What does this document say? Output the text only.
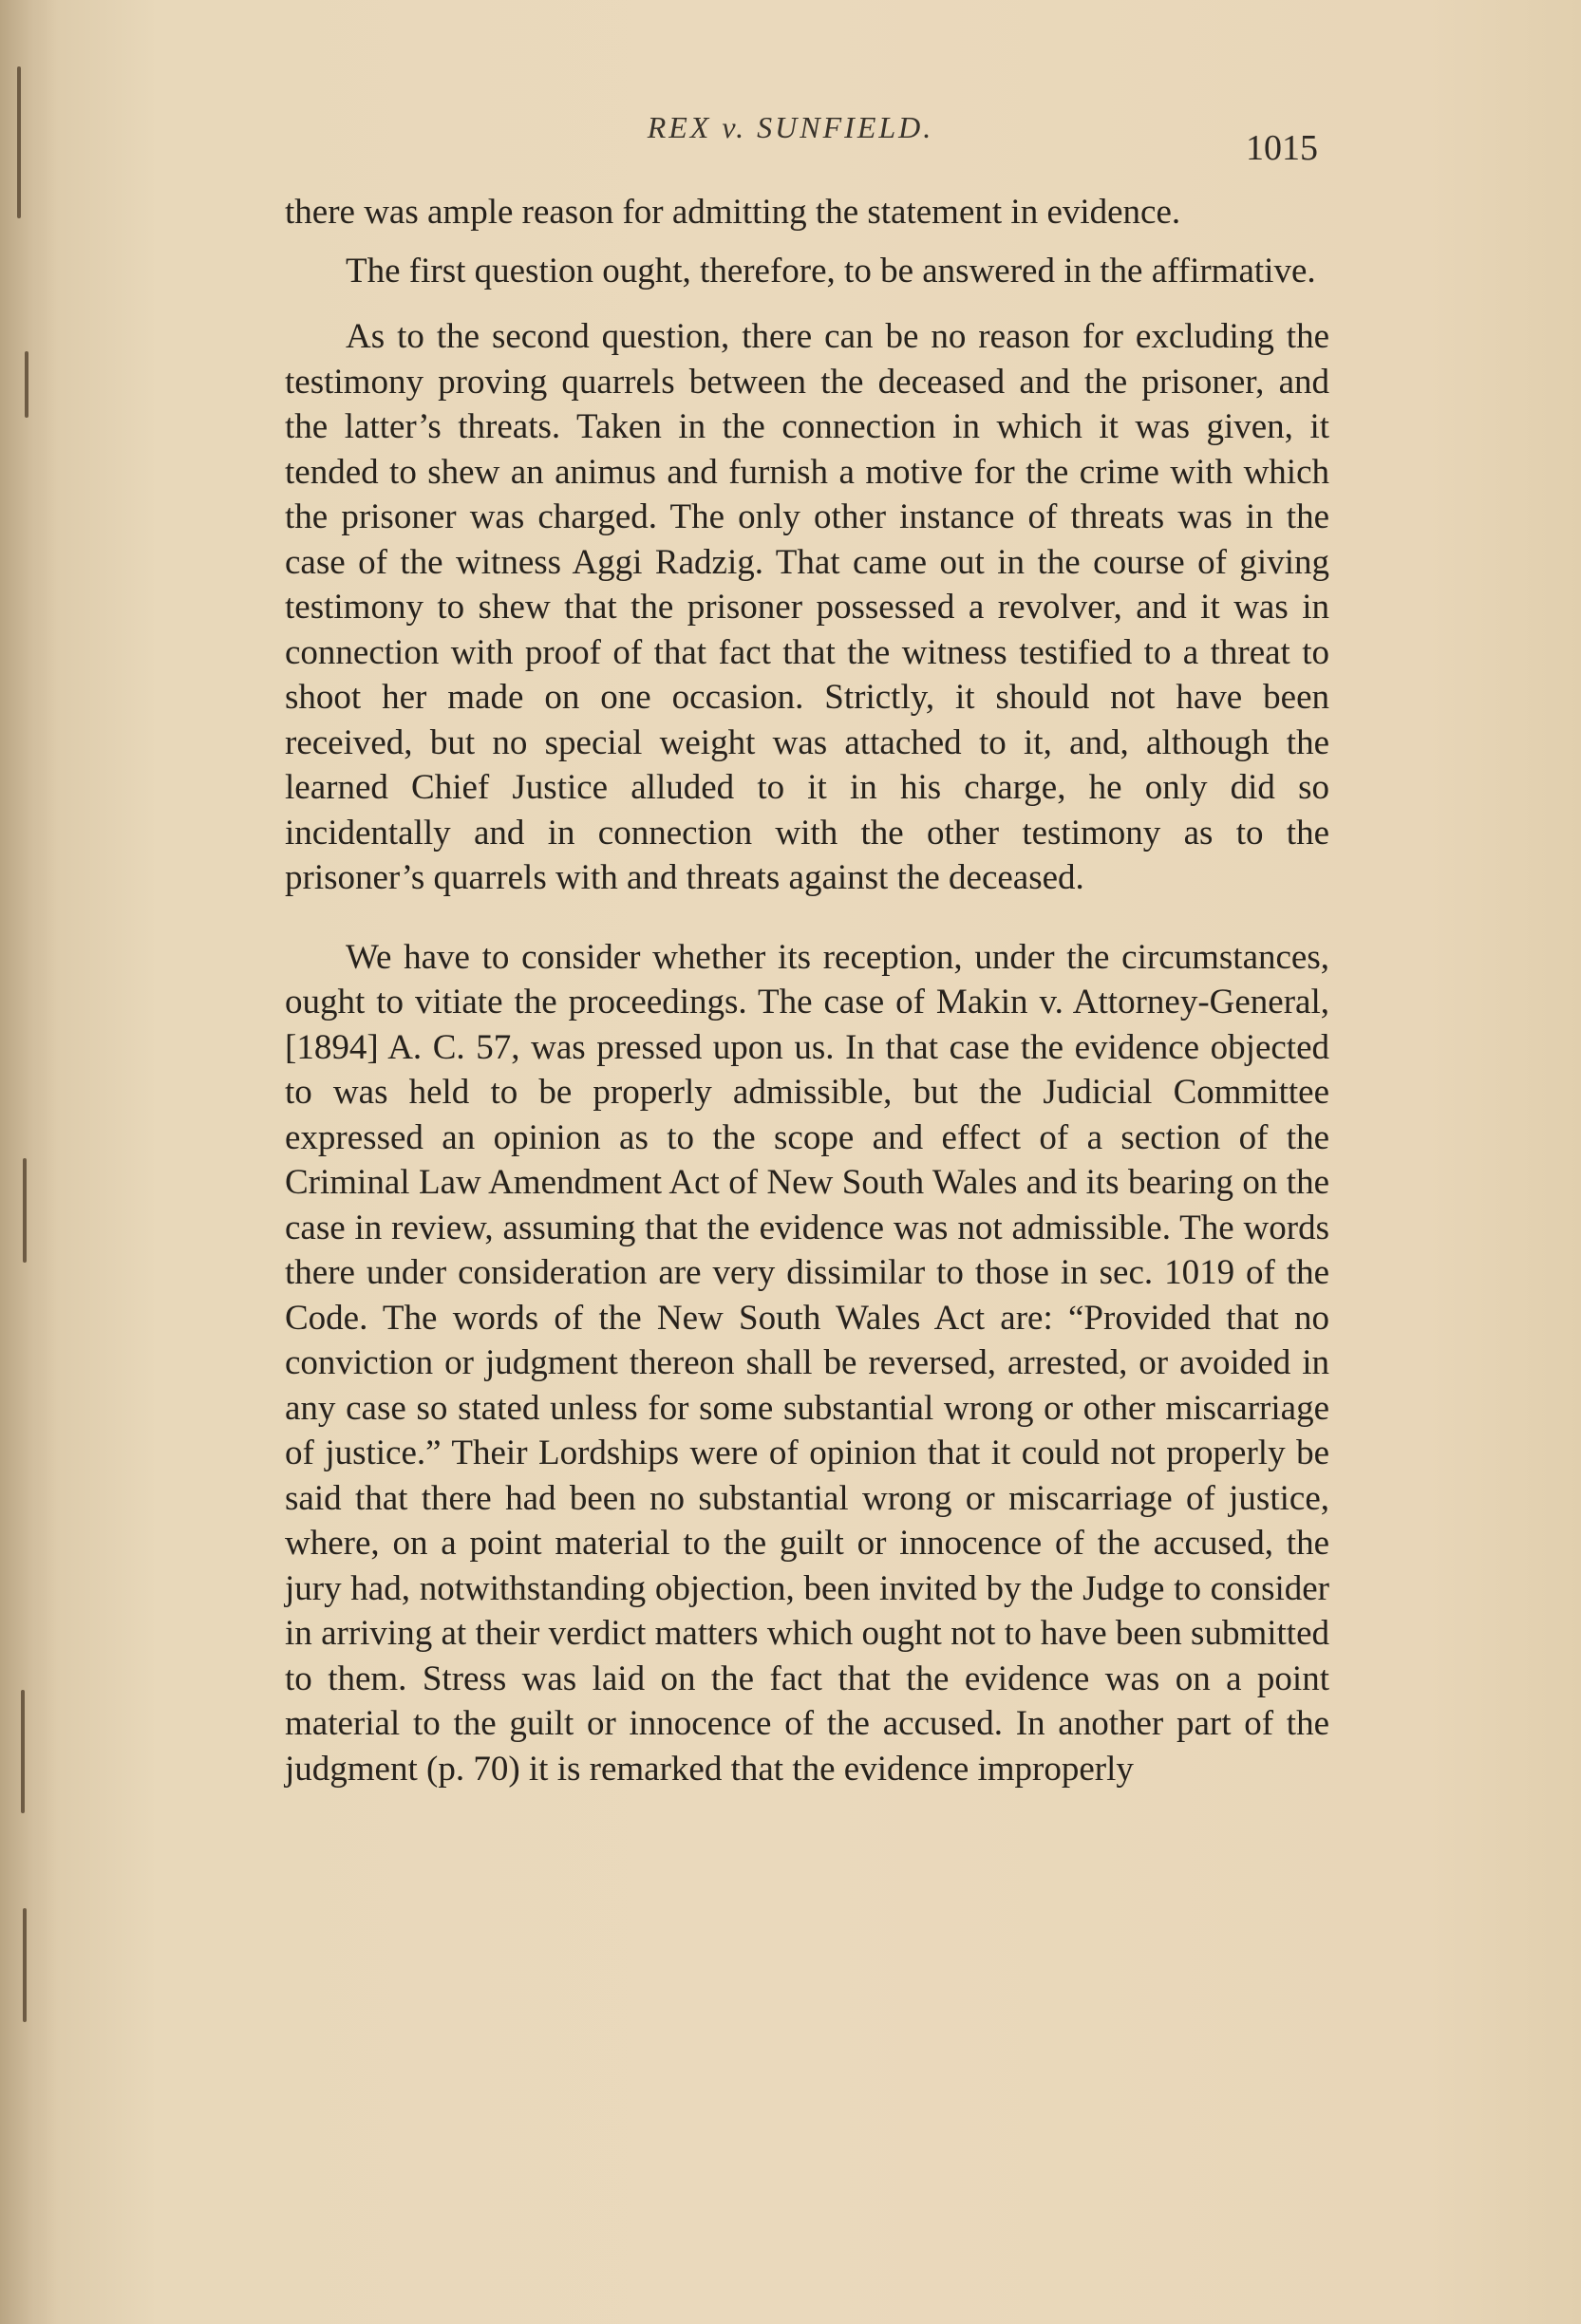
REX v. SUNFIELD.
1015

there was ample reason for admitting the statement in evidence.

The first question ought, therefore, to be answered in the affirmative.

As to the second question, there can be no reason for excluding the testimony proving quarrels between the deceased and the prisoner, and the latter’s threats. Taken in the connection in which it was given, it tended to shew an animus and furnish a motive for the crime with which the prisoner was charged. The only other instance of threats was in the case of the witness Aggi Radzig. That came out in the course of giving testimony to shew that the prisoner possessed a revolver, and it was in connection with proof of that fact that the witness testified to a threat to shoot her made on one occasion. Strictly, it should not have been received, but no special weight was attached to it, and, although the learned Chief Justice alluded to it in his charge, he only did so incidentally and in connection with the other testimony as to the prisoner’s quarrels with and threats against the deceased.

We have to consider whether its reception, under the circumstances, ought to vitiate the proceedings. The case of Makin v. Attorney-General, [1894] A. C. 57, was pressed upon us. In that case the evidence objected to was held to be properly admissible, but the Judicial Committee expressed an opinion as to the scope and effect of a section of the Criminal Law Amendment Act of New South Wales and its bearing on the case in review, assuming that the evidence was not admissible. The words there under consideration are very dissimilar to those in sec. 1019 of the Code. The words of the New South Wales Act are: “Provided that no conviction or judgment thereon shall be reversed, arrested, or avoided in any case so stated unless for some substantial wrong or other miscarriage of justice.” Their Lordships were of opinion that it could not properly be said that there had been no substantial wrong or miscarriage of justice, where, on a point material to the guilt or innocence of the accused, the jury had, notwithstanding objection, been invited by the Judge to consider in arriving at their verdict matters which ought not to have been submitted to them. Stress was laid on the fact that the evidence was on a point material to the guilt or innocence of the accused. In another part of the judgment (p. 70) it is remarked that the evidence improperly
